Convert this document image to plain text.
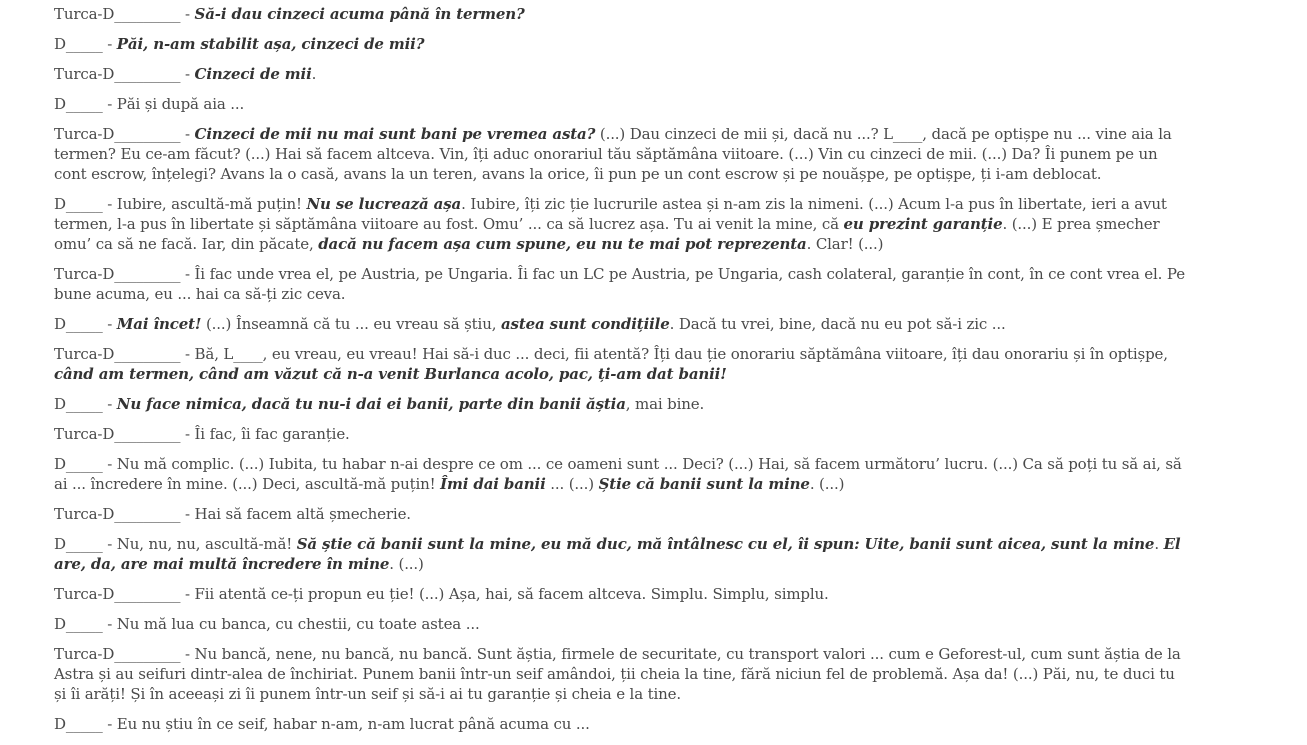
Turca-D_________ - Să-i dau cinzeci acuma până în termen?

D_____ - Păi, n-am stabilit așa, cinzeci de mii?

Turca-D_________ - Cinzeci de mii.

D_____ - Păi și după aia ...

Turca-D_________ - Cinzeci de mii nu mai sunt bani pe vremea asta? (...) Dau cinzeci de mii și, dacă nu ...? L____, dacă pe optișpe nu ... vine aia la termen? Eu ce-am făcut? (...) Hai să facem altceva. Vin, îți aduc onorariul tău săptămâna viitoare. (...) Vin cu cinzeci de mii. (...) Da? Îi punem pe un cont escrow, înțelegi? Avans la o casă, avans la un teren, avans la orice, îi pun pe un cont escrow și pe nouășpe, pe optișpe, ți i-am deblocat.

D_____ - Iubire, ascultă-mă puțin! Nu se lucrează așa. Iubire, îți zic ție lucrurile astea și n-am zis la nimeni. (...) Acum l-a pus în libertate, ieri a avut termen, l-a pus în libertate și săptămâna viitoare au fost. Omu’ ... ca să lucrez așa. Tu ai venit la mine, că eu prezint garanție. (...) E prea șmecher omu’ ca să ne facă. Iar, din păcate, dacă nu facem așa cum spune, eu nu te mai pot reprezenta. Clar! (...)

Turca-D_________ - Îi fac unde vrea el, pe Austria, pe Ungaria. Îi fac un LC pe Austria, pe Ungaria, cash colateral, garanție în cont, în ce cont vrea el. Pe bune acuma, eu ... hai ca să-ți zic ceva.

D_____ - Mai încet! (...) Înseamnă că tu ... eu vreau să știu, astea sunt condițiile. Dacă tu vrei, bine, dacă nu eu pot să-i zic ...

Turca-D_________ - Bă, L____, eu vreau, eu vreau! Hai să-i duc ... deci, fii atentă? Îți dau ție onorariu săptămâna viitoare, îți dau onorariu și în optișpe, când am termen, când am văzut că n-a venit Burlanca acolo, pac, ți-am dat banii!

D_____ - Nu face nimica, dacă tu nu-i dai ei banii, parte din banii ăștia, mai bine.

Turca-D_________ - Îi fac, îi fac garanție.

D_____ - Nu mă complic. (...) Iubita, tu habar n-ai despre ce om ... ce oameni sunt ... Deci? (...) Hai, să facem următoru’ lucru. (...) Ca să poți tu să ai, să ai ... încredere în mine. (...) Deci, ascultă-mă puțin! Îmi dai banii ... (...) Știe că banii sunt la mine. (...)

Turca-D_________ - Hai să facem altă șmecherie.

D_____ - Nu, nu, nu, ascultă-mă! Să știe că banii sunt la mine, eu mă duc, mă întâlnesc cu el, îi spun: Uite, banii sunt aicea, sunt la mine. El are, da, are mai multă încredere în mine. (...)

Turca-D_________ - Fii atentă ce-ți propun eu ție! (...) Așa, hai, să facem altceva. Simplu. Simplu, simplu.

D_____ - Nu mă lua cu banca, cu chestii, cu toate astea ...

Turca-D_________ - Nu bancă, nene, nu bancă, nu bancă. Sunt ăștia, firmele de securitate, cu transport valori ... cum e Geforest-ul, cum sunt ăștia de la Astra și au seifuri dintr-alea de închiriat. Punem banii într-un seif amândoi, ții cheia la tine, fără niciun fel de problemă. Așa da! (...) Păi, nu, te duci tu și îi arăți! Și în aceeași zi îi punem într-un seif și să-i ai tu garanție și cheia e la tine.

D_____ - Eu nu știu în ce seif, habar n-am, n-am lucrat până acuma cu ...
